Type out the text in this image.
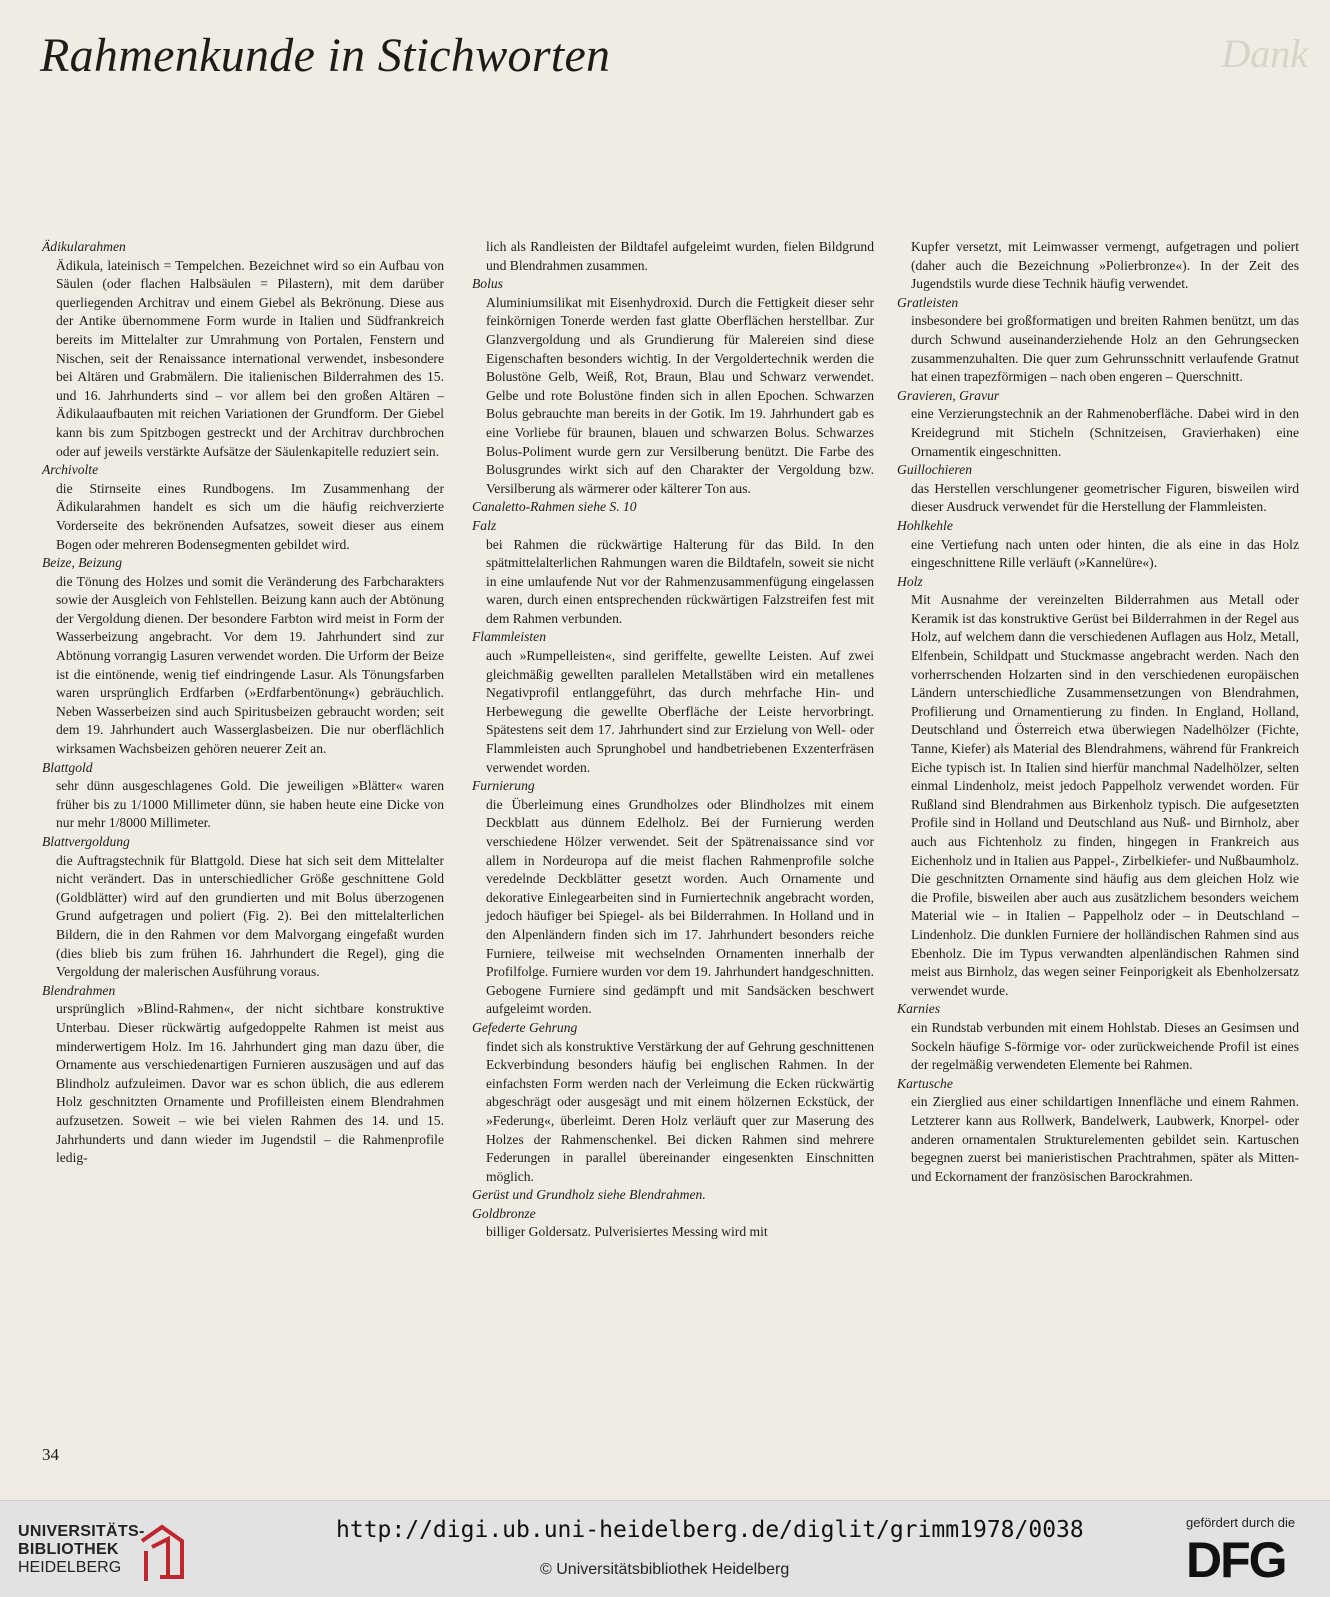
Dank
Rahmenkunde in Stichworten
Ädikularahmen
Ädikula, lateinisch = Tempelchen. Bezeichnet wird so ein Aufbau von Säulen (oder flachen Halbsäulen = Pilastern), mit dem darüber querliegenden Architrav und einem Giebel als Bekrönung. Diese aus der Antike übernommene Form wurde in Italien und Südfrankreich bereits im Mittelalter zur Umrahmung von Portalen, Fenstern und Nischen, seit der Renaissance international verwendet, insbesondere bei Altären und Grabmälern. Die italienischen Bilderrahmen des 15. und 16. Jahrhunderts sind – vor allem bei den großen Altären – Ädikulaaufbauten mit reichen Variationen der Grundform. Der Giebel kann bis zum Spitzbogen gestreckt und der Architrav durchbrochen oder auf jeweils verstärkte Aufsätze der Säulenkapitelle reduziert sein.
Archivolte
die Stirnseite eines Rundbogens. Im Zusammenhang der Ädikularahmen handelt es sich um die häufig reichverzierte Vorderseite des bekrönenden Aufsatzes, soweit dieser aus einem Bogen oder mehreren Bodensegmenten gebildet wird.
Beize, Beizung
die Tönung des Holzes und somit die Veränderung des Farbcharakters sowie der Ausgleich von Fehlstellen. Beizung kann auch der Abtönung der Vergoldung dienen. Der besondere Farbton wird meist in Form der Wasserbeizung angebracht. Vor dem 19. Jahrhundert sind zur Abtönung vorrangig Lasuren verwendet worden. Die Urform der Beize ist die eintönende, wenig tief eindringende Lasur. Als Tönungsfarben waren ursprünglich Erdfarben (»Erdfarbentönung«) gebräuchlich. Neben Wasserbeizen sind auch Spiritusbeizen gebraucht worden; seit dem 19. Jahrhundert auch Wasserglasbeizen. Die nur oberflächlich wirksamen Wachsbeizen gehören neuerer Zeit an.
Blattgold
sehr dünn ausgeschlagenes Gold. Die jeweiligen »Blätter« waren früher bis zu 1/1000 Millimeter dünn, sie haben heute eine Dicke von nur mehr 1/8000 Millimeter.
Blattvergoldung
die Auftragstechnik für Blattgold. Diese hat sich seit dem Mittelalter nicht verändert. Das in unterschiedlicher Größe geschnittene Gold (Goldblätter) wird auf den grundierten und mit Bolus überzogenen Grund aufgetragen und poliert (Fig. 2). Bei den mittelalterlichen Bildern, die in den Rahmen vor dem Malvorgang eingefaßt wurden (dies blieb bis zum frühen 16. Jahrhundert die Regel), ging die Vergoldung der malerischen Ausführung voraus.
Blendrahmen
ursprünglich »Blind-Rahmen«, der nicht sichtbare konstruktive Unterbau. Dieser rückwärtig aufgedoppelte Rahmen ist meist aus minderwertigem Holz. Im 16. Jahrhundert ging man dazu über, die Ornamente aus verschiedenartigen Furnieren auszusägen und auf das Blindholz aufzuleimen. Davor war es schon üblich, die aus edlerem Holz geschnitzten Ornamente und Profilleisten einem Blendrahmen aufzusetzen. Soweit – wie bei vielen Rahmen des 14. und 15. Jahrhunderts und dann wieder im Jugendstil – die Rahmenprofile ledig-
lich als Randleisten der Bildtafel aufgeleimt wurden, fielen Bildgrund und Blendrahmen zusammen.
Bolus
Aluminiumsilikat mit Eisenhydroxid. Durch die Fettigkeit dieser sehr feinkörnigen Tonerde werden fast glatte Oberflächen herstellbar. Zur Glanzvergoldung und als Grundierung für Malereien sind diese Eigenschaften besonders wichtig. In der Vergoldertechnik werden die Bolustöne Gelb, Weiß, Rot, Braun, Blau und Schwarz verwendet. Gelbe und rote Bolustöne finden sich in allen Epochen. Schwarzen Bolus gebrauchte man bereits in der Gotik. Im 19. Jahrhundert gab es eine Vorliebe für braunen, blauen und schwarzen Bolus. Schwarzes Bolus-Poliment wurde gern zur Versilberung benützt. Die Farbe des Bolusgrundes wirkt sich auf den Charakter der Vergoldung bzw. Versilberung als wärmerer oder kälterer Ton aus.
Canaletto-Rahmen siehe S. 10
Falz
bei Rahmen die rückwärtige Halterung für das Bild. In den spätmittelalterlichen Rahmungen waren die Bildtafeln, soweit sie nicht in eine umlaufende Nut vor der Rahmenzusammenfügung eingelassen waren, durch einen entsprechenden rückwärtigen Falzstreifen fest mit dem Rahmen verbunden.
Flammleisten
auch »Rumpelleisten«, sind geriffelte, gewellte Leisten. Auf zwei gleichmäßig gewellten parallelen Metallstäben wird ein metallenes Negativprofil entlanggeführt, das durch mehrfache Hin- und Herbewegung die gewellte Oberfläche der Leiste hervorbringt. Spätestens seit dem 17. Jahrhundert sind zur Erzielung von Well- oder Flammleisten auch Sprunghobel und handbetriebenen Exzenterfräsen verwendet worden.
Furnierung
die Überleimung eines Grundholzes oder Blindholzes mit einem Deckblatt aus dünnem Edelholz. Bei der Furnierung werden verschiedene Hölzer verwendet. Seit der Spätrenaissance sind vor allem in Nordeuropa auf die meist flachen Rahmenprofile solche veredelnde Deckblätter gesetzt worden. Auch Ornamente und dekorative Einlegearbeiten sind in Furniertechnik angebracht worden, jedoch häufiger bei Spiegel- als bei Bilderrahmen. In Holland und in den Alpenländern finden sich im 17. Jahrhundert besonders reiche Furniere, teilweise mit wechselnden Ornamenten innerhalb der Profilfolge. Furniere wurden vor dem 19. Jahrhundert handgeschnitten. Gebogene Furniere sind gedämpft und mit Sandsäcken beschwert aufgeleimt worden.
Gefederte Gehrung
findet sich als konstruktive Verstärkung der auf Gehrung geschnittenen Eckverbindung besonders häufig bei englischen Rahmen. In der einfachsten Form werden nach der Verleimung die Ecken rückwärtig abgeschrägt oder ausgesägt und mit einem hölzernen Eckstück, der »Federung«, überleimt. Deren Holz verläuft quer zur Maserung des Holzes der Rahmenschenkel. Bei dicken Rahmen sind mehrere Federungen in parallel übereinander eingesenkten Einschnitten möglich.
Gerüst und Grundholz siehe Blendrahmen.
Goldbronze
billiger Goldersatz. Pulverisiertes Messing wird mit
Kupfer versetzt, mit Leimwasser vermengt, aufgetragen und poliert (daher auch die Bezeichnung »Polierbronze«). In der Zeit des Jugendstils wurde diese Technik häufig verwendet.
Gratleisten
insbesondere bei großformatigen und breiten Rahmen benützt, um das durch Schwund auseinanderziehende Holz an den Gehrungsecken zusammenzuhalten. Die quer zum Gehrunsschnitt verlaufende Gratnut hat einen trapezförmigen – nach oben engeren – Querschnitt.
Gravieren, Gravur
eine Verzierungstechnik an der Rahmenoberfläche. Dabei wird in den Kreidegrund mit Sticheln (Schnitzeisen, Gravierhaken) eine Ornamentik eingeschnitten.
Guillochieren
das Herstellen verschlungener geometrischer Figuren, bisweilen wird dieser Ausdruck verwendet für die Herstellung der Flammleisten.
Hohlkehle
eine Vertiefung nach unten oder hinten, die als eine in das Holz eingeschnittene Rille verläuft (»Kannelüre«).
Holz
Mit Ausnahme der vereinzelten Bilderrahmen aus Metall oder Keramik ist das konstruktive Gerüst bei Bilderrahmen in der Regel aus Holz, auf welchem dann die verschiedenen Auflagen aus Holz, Metall, Elfenbein, Schildpatt und Stuckmasse angebracht werden. Nach den vorherrschenden Holzarten sind in den verschiedenen europäischen Ländern unterschiedliche Zusammensetzungen von Blendrahmen, Profilierung und Ornamentierung zu finden. In England, Holland, Deutschland und Österreich etwa überwiegen Nadelhölzer (Fichte, Tanne, Kiefer) als Material des Blendrahmens, während für Frankreich Eiche typisch ist. In Italien sind hierfür manchmal Nadelhölzer, selten einmal Lindenholz, meist jedoch Pappelholz verwendet worden. Für Rußland sind Blendrahmen aus Birkenholz typisch. Die aufgesetzten Profile sind in Holland und Deutschland aus Nuß- und Birnholz, aber auch aus Fichtenholz zu finden, hingegen in Frankreich aus Eichenholz und in Italien aus Pappel-, Zirbelkiefer- und Nußbaumholz. Die geschnitzten Ornamente sind häufig aus dem gleichen Holz wie die Profile, bisweilen aber auch aus zusätzlichem besonders weichem Material wie – in Italien – Pappelholz oder – in Deutschland – Lindenholz. Die dunklen Furniere der holländischen Rahmen sind aus Ebenholz. Die im Typus verwandten alpenländischen Rahmen sind meist aus Birnholz, das wegen seiner Feinporigkeit als Ebenholzersatz verwendet wurde.
Karnies
ein Rundstab verbunden mit einem Hohlstab. Dieses an Gesimsen und Sockeln häufige S-förmige vor- oder zurückweichende Profil ist eines der regelmäßig verwendeten Elemente bei Rahmen.
Kartusche
ein Zierglied aus einer schildartigen Innenfläche und einem Rahmen. Letzterer kann aus Rollwerk, Bandelwerk, Laubwerk, Knorpel- oder anderen ornamentalen Strukturelementen gebildet sein. Kartuschen begegnen zuerst bei manieristischen Prachtrahmen, später als Mitten- und Eckornament der französischen Barockrahmen.
34
UNIVERSITÄTS-
BIBLIOTHEK
HEIDELBERG
http://digi.ub.uni-heidelberg.de/diglit/grimm1978/0038
© Universitätsbibliothek Heidelberg
gefördert durch die
DFG
